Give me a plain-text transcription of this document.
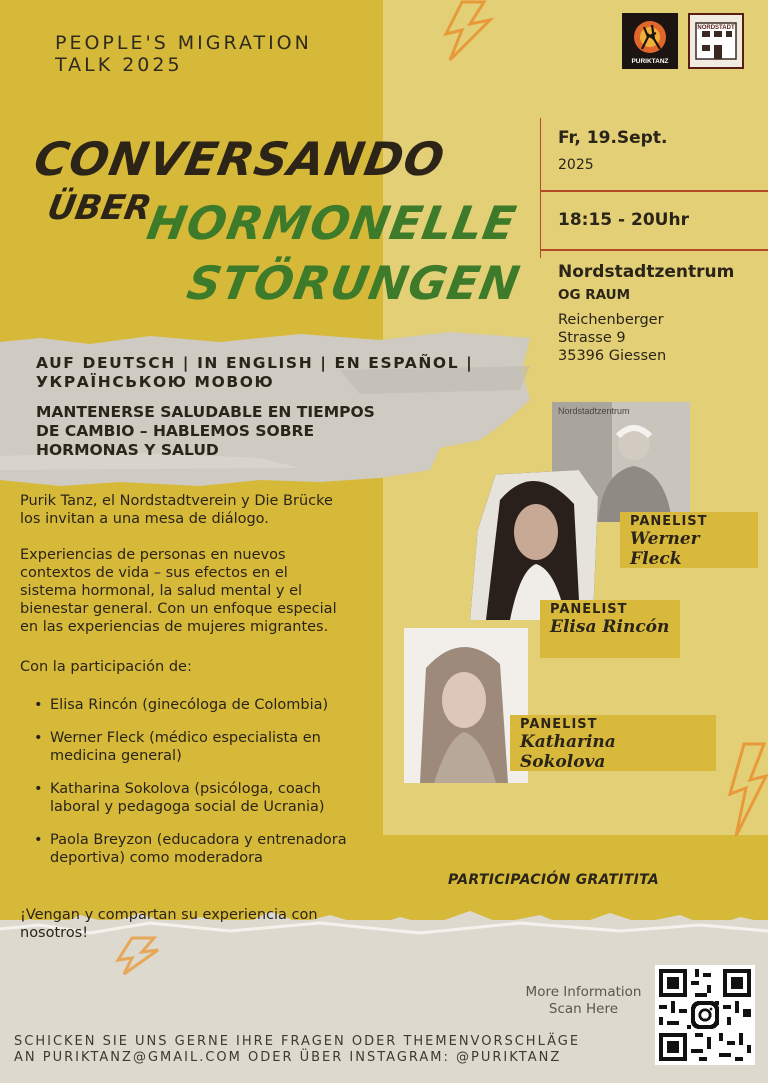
PEOPLE'S MIGRATION
TALK 2025	PURIKTANZ
NORDSTADT
CONVERSANDO
ÜBER
HORMONELLE
STÖRUNGEN
Fr, 19.Sept.
2025
18:15 - 20Uhr
Nordstadtzentrum
OG RAUM
Reichenberger
Strasse 9
35396 Giessen
AUF DEUTSCH | IN ENGLISH | EN ESPAÑOL |
УКРАЇНСЬКОЮ МОВОЮ
MANTENERSE SALUDABLE EN TIEMPOS
DE CAMBIO – HABLEMOS SOBRE
HORMONAS Y SALUD
Purik Tanz, el Nordstadtverein y Die Brücke
los invitan a una mesa de diálogo.
Experiencias de personas en nuevos
contextos de vida – sus efectos en el
sistema hormonal, la salud mental y el
bienestar general. Con un enfoque especial
en las experiencias de mujeres migrantes.
Con la participación de:
• Elisa Rincón (ginecóloga de Colombia)
• Werner Fleck (médico especialista en
medicina general)
• Katharina Sokolova (psicóloga, coach
laboral y pedagoga social de Ucrania)
• Paola Breyzon (educadora y entrenadora
deportiva) como moderadora
¡Vengan y compartan su experiencia con
nosotros!
Nordstadtzentrum
PANELIST
Werner Fleck
PANELIST
Elisa Rincón
PANELIST
Katharina Sokolova
PARTICIPACIÓN GRATITITA
More Information
Scan Here
SCHICKEN SIE UNS GERNE IHRE FRAGEN ODER THEMENVORSCHLÄGE
AN PURIKTANZ@GMAIL.COM ODER ÜBER INSTAGRAM: @PURIKTANZ
